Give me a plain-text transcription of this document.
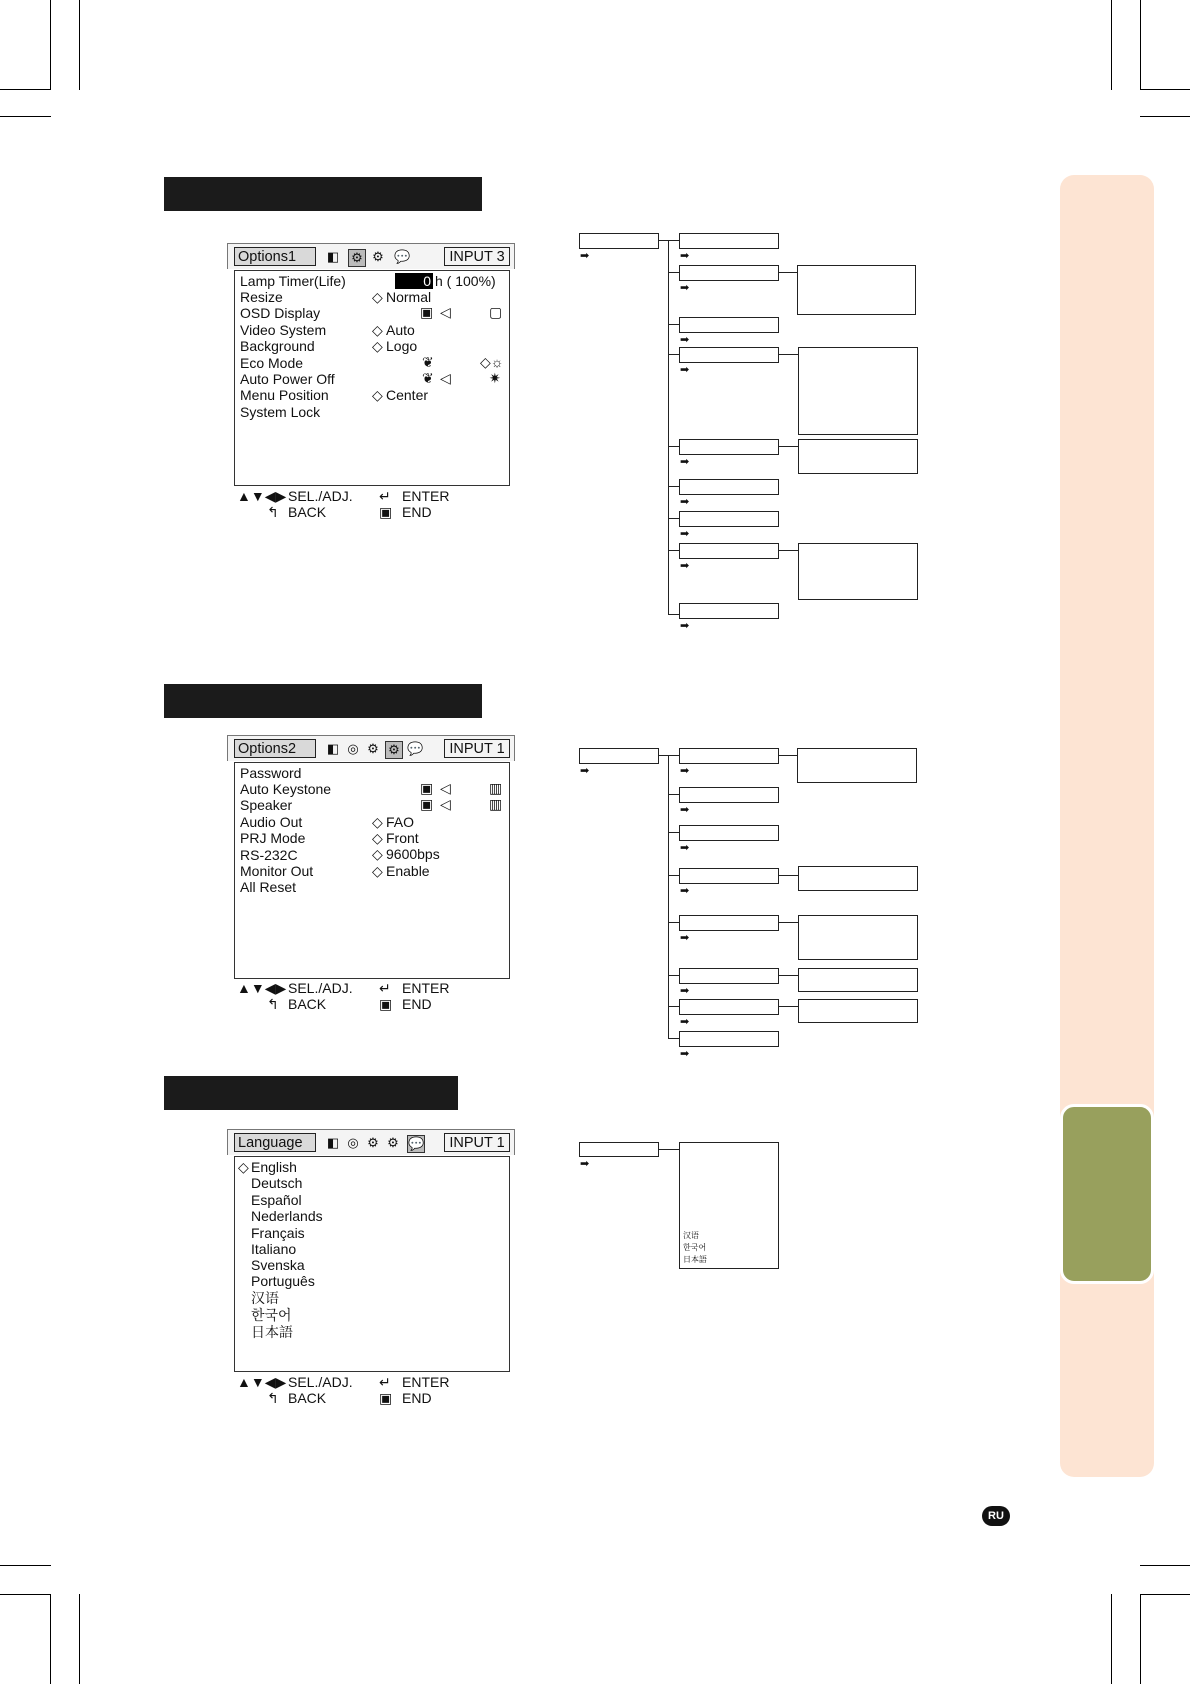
Options1	◧ ⚙ ⚙ 💬	INPUT 3
Lamp Timer(Life)	0 h ( 100%)
Resize	◇ Normal
OSD Display	▣ ◁	▢
Video System	◇ Auto
Background	◇ Logo
Eco Mode	❦	◇☼
Auto Power Off	❦ ◁	✷
Menu Position	◇ Center
System Lock
▲▼◀▶ SEL./ADJ. ↵ ENTER
↰ BACK	▣ END
Options2	◧ ◎ ⚙ ⚙ 💬	INPUT 1
Password
Auto Keystone	▣ ◁	▥
Speaker	▣ ◁	▥
Audio Out	◇ FAO
PRJ Mode	◇ Front
RS-232C	◇ 9600bps
Monitor Out	◇ Enable
All Reset
▲▼◀▶ SEL./ADJ. ↵ ENTER
↰ BACK	▣ END
Language	◧ ◎ ⚙ ⚙ 💬	INPUT 1
◇ English
Deutsch
Español
Nederlands
Français
Italiano
Svenska
Português
汉语
한국어
日本語
▲▼◀▶ SEL./ADJ. ↵ ENTER
↰ BACK	▣ END
➡	➡
➡
➡
➡
➡
➡
➡
➡
➡
➡	➡
➡
➡
➡
➡
➡
➡
➡
➡
汉语
한국어
日本語
RU
